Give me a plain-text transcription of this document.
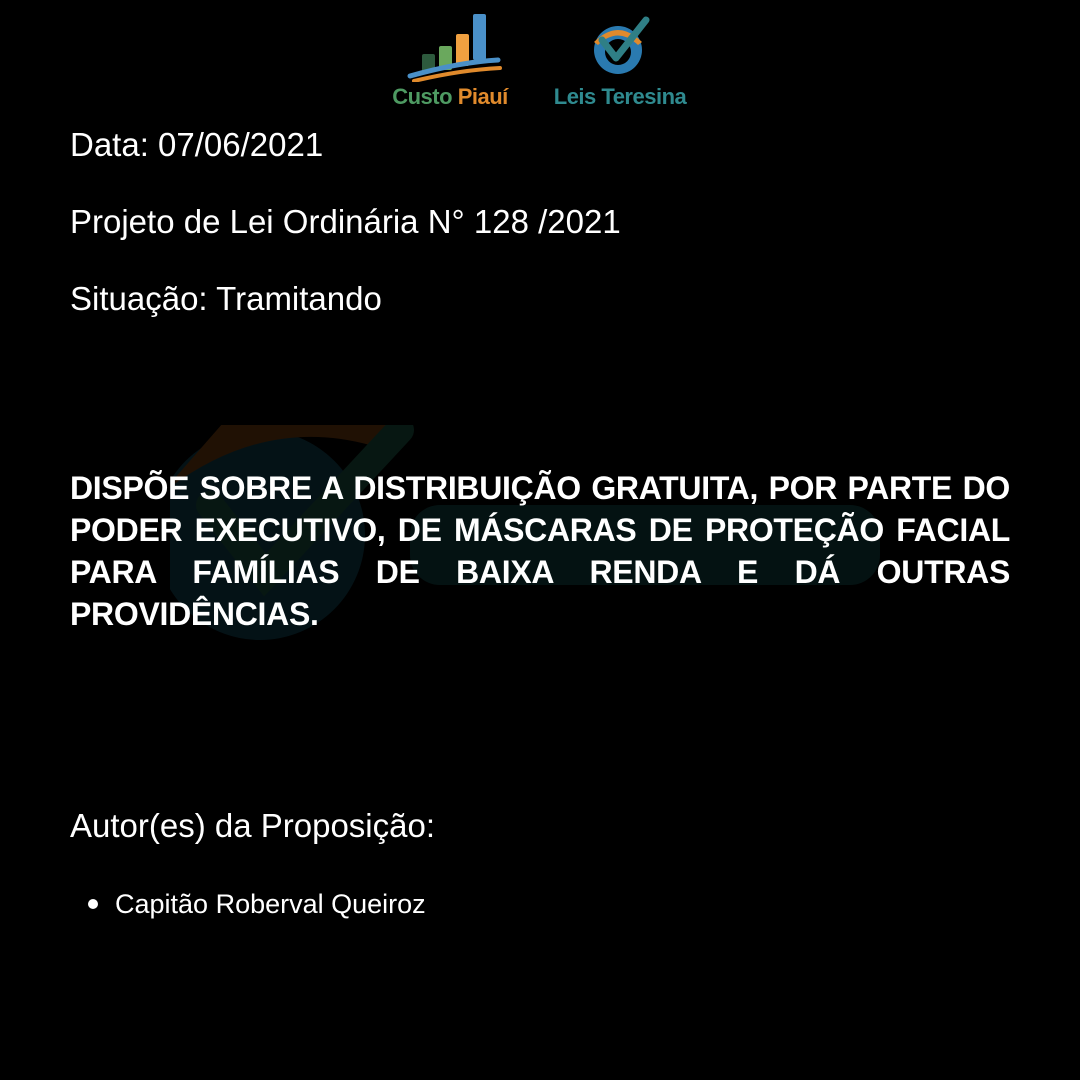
Custo Piauí	Leis Teresina
Data: 07/06/2021
Projeto de Lei Ordinária N° 128 /2021
Situação: Tramitando
DISPÕE SOBRE A DISTRIBUIÇÃO GRATUITA, POR PARTE DO PODER EXECUTIVO, DE MÁSCARAS DE PROTEÇÃO FACIAL PARA FAMÍLIAS DE BAIXA RENDA E DÁ OUTRAS PROVIDÊNCIAS.
Autor(es) da Proposição:
Capitão Roberval Queiroz
